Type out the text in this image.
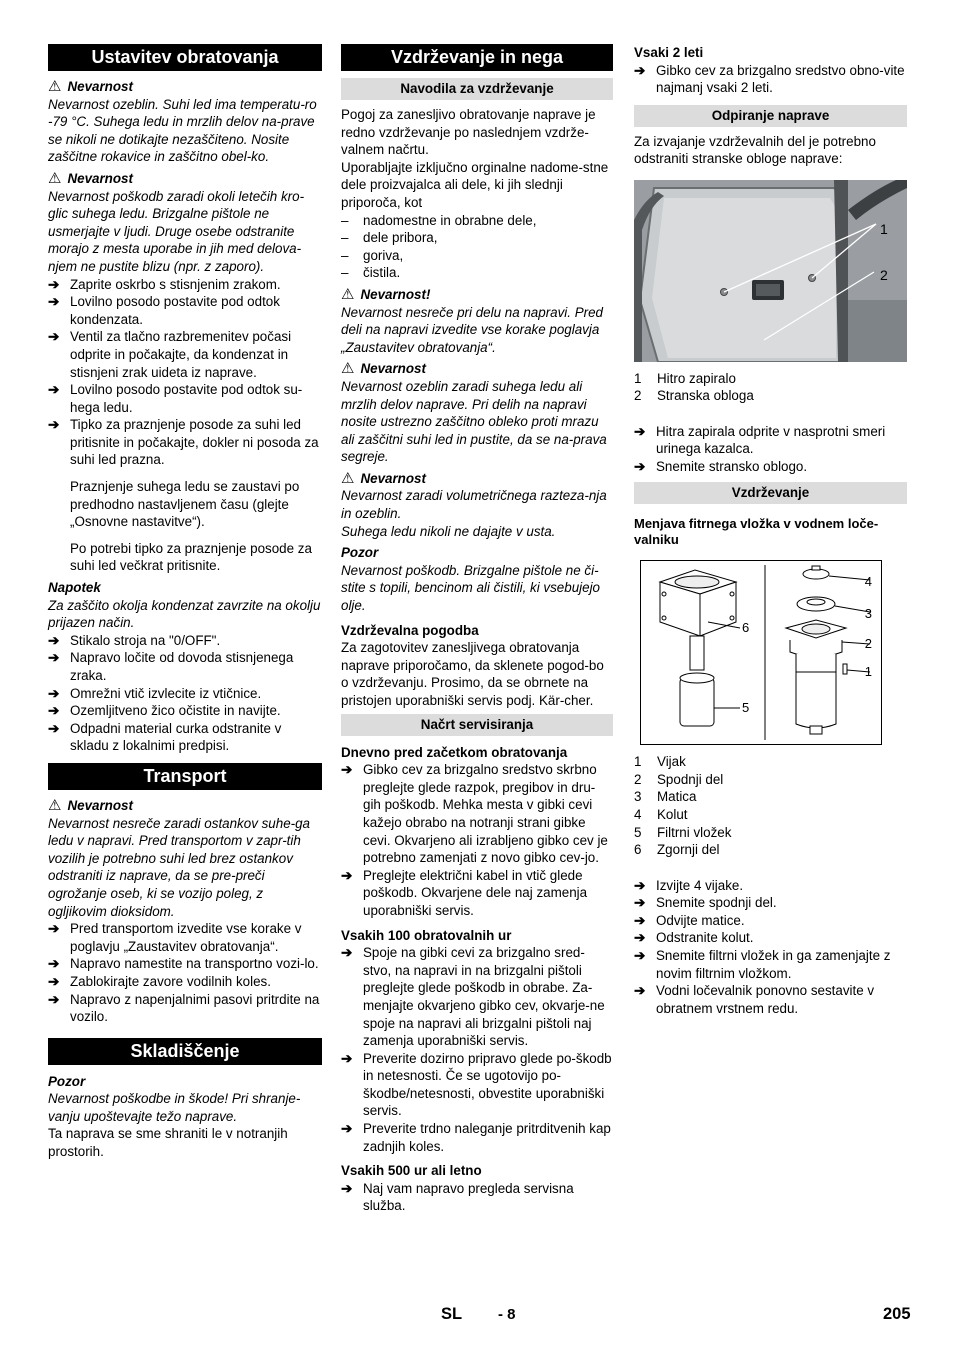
Ustavitev obratovanja
⚠ Nevarnost
Nevarnost ozeblin. Suhi led ima temperatu-ro -79 °C. Suhega ledu in mrzlih delov na-prave se nikoli ne dotikajte nezaščiteno. Nosite zaščitne rokavice in zaščitno obel-ko.
⚠ Nevarnost
Nevarnost poškodb zaradi okoli letečih kro-glic suhega ledu. Brizgalne pištole ne usmerjajte v ljudi. Druge osebe odstranite morajo z mesta uporabe in jih med delova-njem ne pustite blizu (npr. z zaporo).
➔ Zaprite oskrbo s stisnjenim zrakom.
➔ Lovilno posodo postavite pod odtok kondenzata.
➔ Ventil za tlačno razbremenitev počasi odprite in počakajte, da kondenzat in stisnjeni zrak uideta iz naprave.
➔ Lovilno posodo postavite pod odtok su-hega ledu.
➔ Tipko za praznjenje posode za suhi led pritisnite in počakajte, dokler ni posoda za suhi led prazna.
Praznjenje suhega ledu se zaustavi po predhodno nastavljenem času (glejte „Osnovne nastavitve“).
Po potrebi tipko za praznjenje posode za suhi led večkrat pritisnite.
Napotek
Za zaščito okolja kondenzat zavrzite na okolju prijazen način.
➔ Stikalo stroja na "0/OFF".
➔ Napravo ločite od dovoda stisnjenega zraka.
➔ Omrežni vtič izvlecite iz vtičnice.
➔ Ozemljitveno žico očistite in navijte.
➔ Odpadni material curka odstranite v skladu z lokalnimi predpisi.
Transport
⚠ Nevarnost
Nevarnost nesreče zaradi ostankov suhe-ga ledu v napravi. Pred transportom v zapr-tih vozilih je potrebno suhi led brez ostankov odstraniti iz naprave, da se pre-preči ogrožanje oseb, ki se vozijo poleg, z ogljikovim dioksidom.
➔ Pred transportom izvedite vse korake v poglavju „Zaustavitev obratovanja“.
➔ Napravo namestite na transportno vozi-lo.
➔ Zablokirajte zavore vodilnih koles.
➔ Napravo z napenjalnimi pasovi pritrdite na vozilo.
Skladiščenje
Pozor
Nevarnost poškodbe in škode! Pri shranje-vanju upoštevajte težo naprave.
Ta naprava se sme shraniti le v notranjih prostorih.
Vzdrževanje in nega
Navodila za vzdrževanje
Pogoj za zanesljivo obratovanje naprave je redno vzdrževanje po naslednjem vzdrže-valnem načrtu.
Uporabljajte izključno orginalne nadome-stne dele proizvajalca ali dele, ki jih slednji priporoča, kot
– nadomestne in obrabne dele,
– dele pribora,
– goriva,
– čistila.
⚠ Nevarnost!
Nevarnost nesreče pri delu na napravi. Pred deli na napravi izvedite vse korake poglavja „Zaustavitev obratovanja“.
⚠ Nevarnost
Nevarnost ozeblin zaradi suhega ledu ali mrzlih delov naprave. Pri delih na napravi nosite ustrezno zaščitno obleko proti mrazu ali zaščitni suhi led in pustite, da se na-prava segreje.
⚠ Nevarnost
Nevarnost zaradi volumetričnega razteza-nja in ozeblin.
Suhega ledu nikoli ne dajajte v usta.
Pozor
Nevarnost poškodb. Brizgalne pištole ne či-stite s topili, bencinom ali čistili, ki vsebujejo olje.
Vzdrževalna pogodba
Za zagotovitev zanesljivega obratovanja naprave priporočamo, da sklenete pogod-bo o vzdrževanju. Prosimo, da se obrnete na pristojen uporabniški servis podj. Kär-cher.
Načrt servisiranja
Dnevno pred začetkom obratovanja
➔ Gibko cev za brizgalno sredstvo skrbno preglejte glede razpok, pregibov in dru-gih poškodb. Mehka mesta v gibki cevi kažejo obrabo na notranji strani gibke cevi. Okvarjeno ali izrabljeno gibko cev je potrebno zamenjati z novo gibko cev-jo.
➔ Preglejte električni kabel in vtič glede poškodb. Okvarjene dele naj zamenja uporabniški servis.
Vsakih 100 obratovalnih ur
➔ Spoje na gibki cevi za brizgalno sred-stvo, na napravi in na brizgalni pištoli preglejte glede poškodb in obrabe. Za-menjajte okvarjeno gibko cev, okvarje-ne spoje na napravi ali brizgalni pištoli naj zamenja uporabniški servis.
➔ Preverite dozirno pripravo glede po-škodb in netesnosti. Če se ugotovijo po-škodbe/netesnosti, obvestite uporabniški servis.
➔ Preverite trdno naleganje pritrditvenih kap zadnjih koles.
Vsakih 500 ur ali letno
➔ Naj vam napravo pregleda servisna služba.
Vsaki 2 leti
➔ Gibko cev za brizgalno sredstvo obno-vite najmanj vsaki 2 leti.
Odpiranje naprave
Za izvajanje vzdrževalnih del je potrebno odstraniti stranske obloge naprave:
1
2
1	Hitro zapiralo
2	Stranska obloga
➔ Hitra zapirala odprite v nasprotni smeri urinega kazalca.
➔ Snemite stransko oblogo.
Vzdrževanje
Menjava fitrnega vložka v vodnem loče-valniku
5
6
4
3
2
1
1	Vijak
2	Spodnji del
3	Matica
4	Kolut
5	Filtrni vložek
6	Zgornji del
➔ Izvijte 4 vijake.
➔ Snemite spodnji del.
➔ Odvijte matice.
➔ Odstranite kolut.
➔ Snemite filtrni vložek in ga zamenjajte z novim filtrnim vložkom.
➔ Vodni ločevalnik ponovno sestavite v obratnem vrstnem redu.
SL - 8	205
